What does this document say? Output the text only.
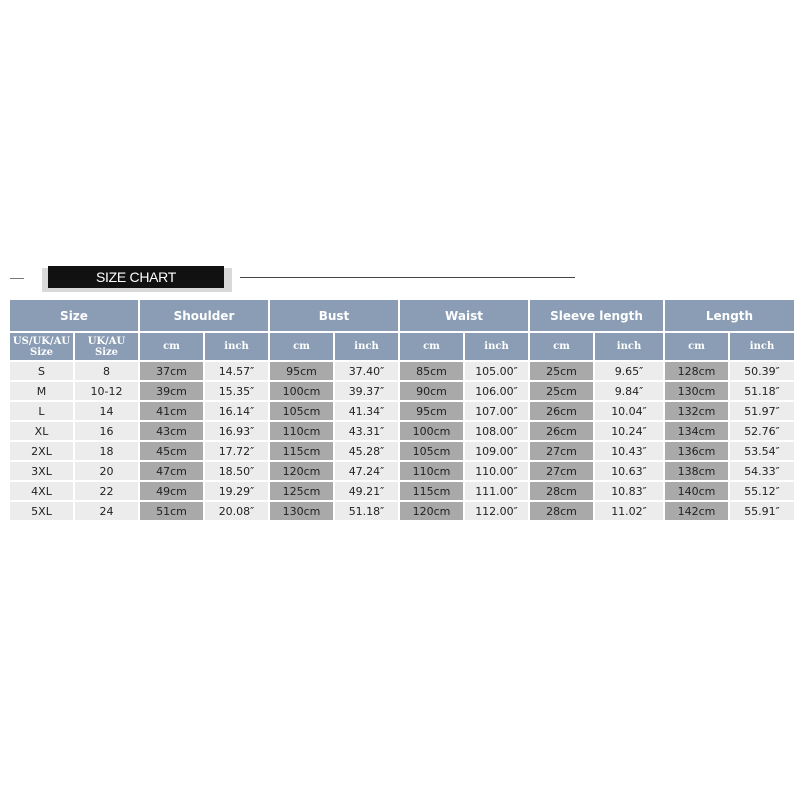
SIZE CHART
Size		Shoulder		Bust		Waist		Sleeve length		Length	
US/UK/AU Size	UK/AU Size	cm	inch	cm	inch	cm	inch	cm	inch	cm	inch
S	8	37cm	14.57″	95cm	37.40″	85cm	105.00″	25cm	9.65″	128cm	50.39″
M	10-12	39cm	15.35″	100cm	39.37″	90cm	106.00″	25cm	9.84″	130cm	51.18″
L	14	41cm	16.14″	105cm	41.34″	95cm	107.00″	26cm	10.04″	132cm	51.97″
XL	16	43cm	16.93″	110cm	43.31″	100cm	108.00″	26cm	10.24″	134cm	52.76″
2XL	18	45cm	17.72″	115cm	45.28″	105cm	109.00″	27cm	10.43″	136cm	53.54″
3XL	20	47cm	18.50″	120cm	47.24″	110cm	110.00″	27cm	10.63″	138cm	54.33″
4XL	22	49cm	19.29″	125cm	49.21″	115cm	111.00″	28cm	10.83″	140cm	55.12″
5XL	24	51cm	20.08″	130cm	51.18″	120cm	112.00″	28cm	11.02″	142cm	55.91″
